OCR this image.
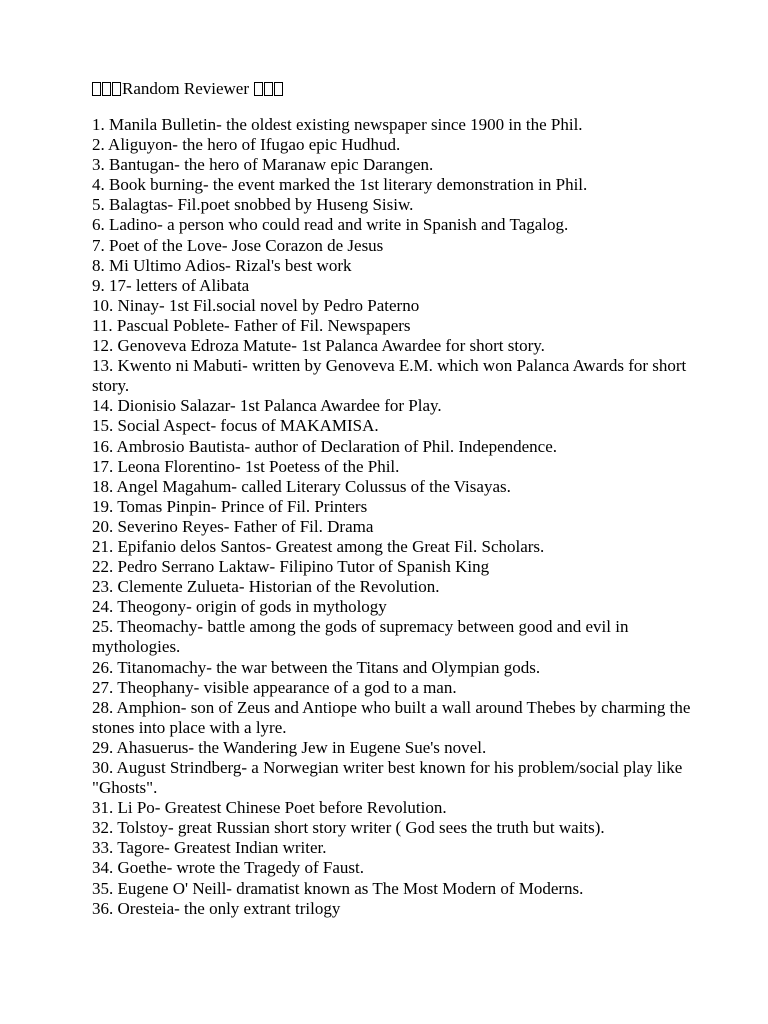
Random Reviewer
1. Manila Bulletin- the oldest existing newspaper since 1900 in the Phil.
2. Aliguyon- the hero of Ifugao epic Hudhud.
3. Bantugan- the hero of Maranaw epic Darangen.
4. Book burning- the event marked the 1st literary demonstration in Phil.
5. Balagtas- Fil.poet snobbed by Huseng Sisiw.
6. Ladino- a person who could read and write in Spanish and Tagalog.
7. Poet of the Love- Jose Corazon de Jesus
8. Mi Ultimo Adios- Rizal's best work
9. 17- letters of Alibata
10. Ninay- 1st Fil.social novel by Pedro Paterno
11. Pascual Poblete- Father of Fil. Newspapers
12. Genoveva Edroza Matute- 1st Palanca Awardee for short story.
13. Kwento ni Mabuti- written by Genoveva E.M. which won Palanca Awards for short story.
14. Dionisio Salazar- 1st Palanca Awardee for Play.
15. Social Aspect- focus of MAKAMISA.
16. Ambrosio Bautista- author of Declaration of Phil. Independence.
17. Leona Florentino- 1st Poetess of the Phil.
18. Angel Magahum- called Literary Colussus of the Visayas.
19. Tomas Pinpin- Prince of Fil. Printers
20. Severino Reyes- Father of Fil. Drama
21. Epifanio delos Santos- Greatest among the Great Fil. Scholars.
22. Pedro Serrano Laktaw- Filipino Tutor of Spanish King
23. Clemente Zulueta- Historian of the Revolution.
24. Theogony- origin of gods in mythology
25. Theomachy- battle among the gods of supremacy between good and evil in mythologies.
26. Titanomachy- the war between the Titans and Olympian gods.
27. Theophany- visible appearance of a god to a man.
28. Amphion- son of Zeus and Antiope who built a wall around Thebes by charming the stones into place with a lyre.
29. Ahasuerus- the Wandering Jew in Eugene Sue's novel.
30. August Strindberg- a Norwegian writer best known for his problem/social play like "Ghosts".
31. Li Po- Greatest Chinese Poet before Revolution.
32. Tolstoy- great Russian short story writer ( God sees the truth but waits).
33. Tagore- Greatest Indian writer.
34. Goethe- wrote the Tragedy of Faust.
35. Eugene O' Neill- dramatist known as The Most Modern of Moderns.
36. Oresteia- the only extrant trilogy
